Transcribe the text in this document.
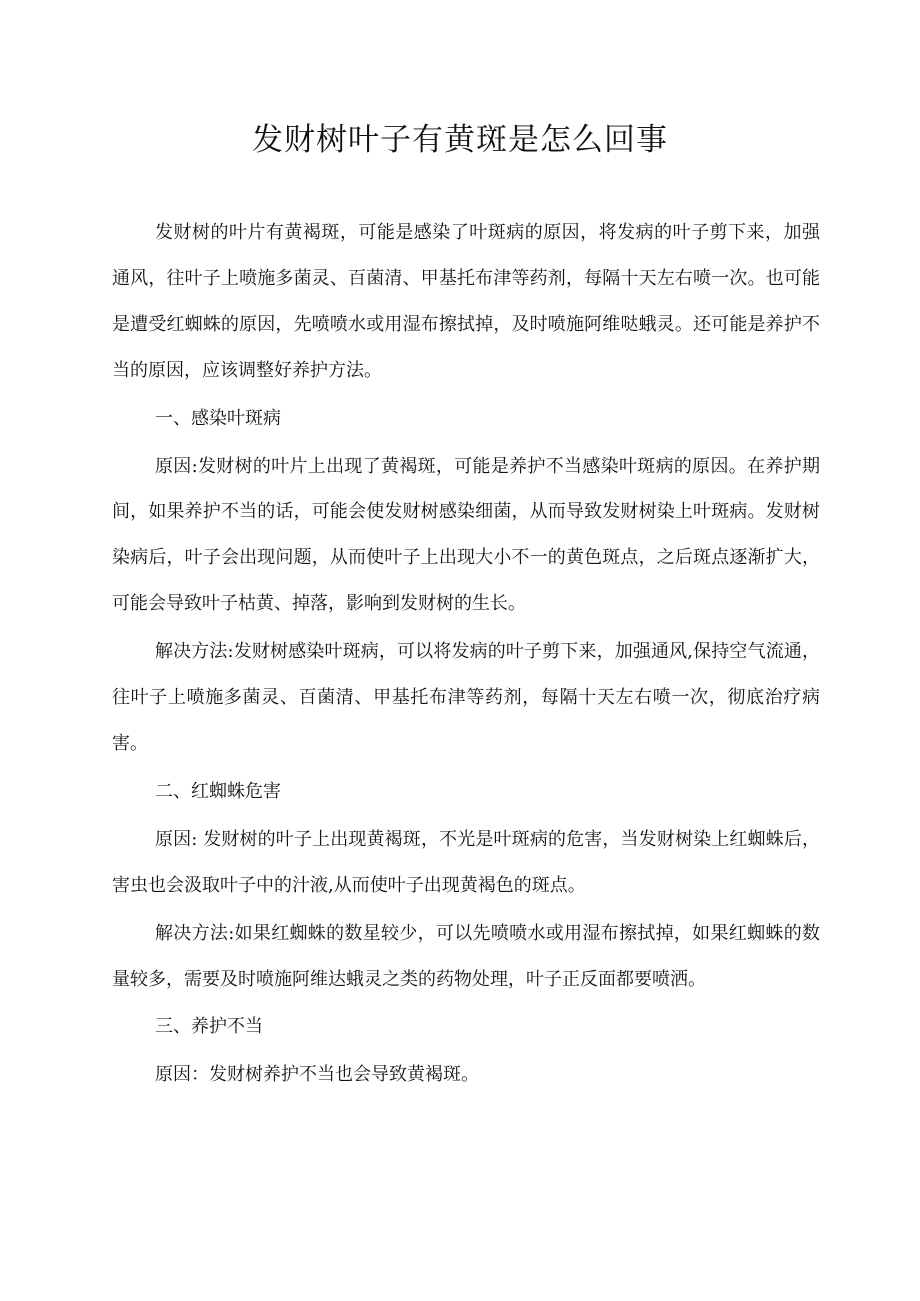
发财树叶子有黄斑是怎么回事

发财树的叶片有黄褐斑，可能是感染了叶斑病的原因，将发病的叶子剪下来，加强通风，往叶子上喷施多菌灵、百菌清、甲基托布津等药剂，每隔十天左右喷一次。也可能是遭受红蜘蛛的原因，先喷喷水或用湿布擦拭掉，及时喷施阿维哒蛾灵。还可能是养护不当的原因，应该调整好养护方法。

一、感染叶斑病

原因:发财树的叶片上出现了黄褐斑，可能是养护不当感染叶斑病的原因。在养护期间，如果养护不当的话，可能会使发财树感染细菌，从而导致发财树染上叶斑病。发财树染病后，叶子会出现问题，从而使叶子上出现大小不一的黄色斑点，之后斑点逐渐扩大，可能会导致叶子枯黄、掉落，影响到发财树的生长。

解决方法:发财树感染叶斑病，可以将发病的叶子剪下来，加强通风,保持空气流通，往叶子上喷施多菌灵、百菌清、甲基托布津等药剂，每隔十天左右喷一次，彻底治疗病害。

二、红蜘蛛危害

原因: 发财树的叶子上出现黄褐斑，不光是叶斑病的危害，当发财树染上红蜘蛛后，害虫也会汲取叶子中的汁液,从而使叶子出现黄褐色的斑点。

解决方法:如果红蜘蛛的数星较少，可以先喷喷水或用湿布擦拭掉，如果红蜘蛛的数量较多，需要及时喷施阿维达蛾灵之类的药物处理，叶子正反面都要喷洒。

三、养护不当

原因：发财树养护不当也会导致黄褐斑。
